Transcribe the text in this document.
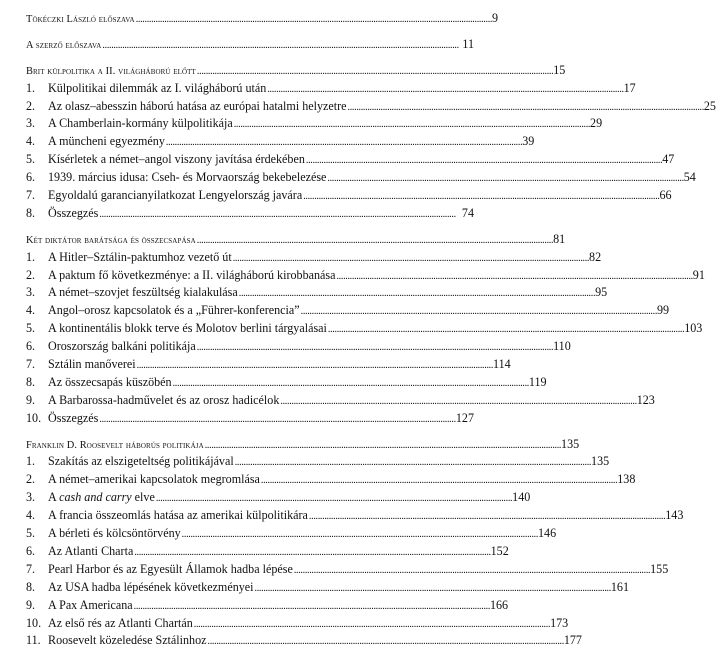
Tökéczki László előszava . . .	9
A szerző előszava . . .	11
Brit külpolitika a II. világháború előtt . . .	15
1.	Külpolitikai dilemmák az I. világháború után . . .	17
2.	Az olasz–abesszin háború hatása az európai hatalmi helyzetre . . .	25
3.	A Chamberlain-kormány külpolitikája . . .	29
4.	A müncheni egyezmény . . .	39
5.	Kísérletek a német–angol viszony javítása érdekében . . .	47
6.	1939. március idusa: Cseh- és Morvaország bekebelezése . . .	54
7.	Egyoldalú garancianyilatkozat Lengyelország javára . . .	66
8.	Összegzés . . .	74
Két diktátor barátsága és összecsapása . . .	81
1.	A Hitler–Sztálin-paktumhoz vezető út . . .	82
2.	A paktum fő következménye: a II. világháború kirobbanása . . .	91
3.	A német–szovjet feszültség kialakulása . . .	95
4.	Angol–orosz kapcsolatok és a „Führer-konferencia” . . .	99
5.	A kontinentális blokk terve és Molotov berlini tárgyalásai . . .	103
6.	Oroszország balkáni politikája . . .	110
7.	Sztálin manőverei . . .	114
8.	Az összecsapás küszöbén . . .	119
9.	A Barbarossa-hadművelet és az orosz hadicélok . . .	123
10. Összegzés . . .	127
Franklin D. Roosevelt háborús politikája . . .	135
1.	Szakítás az elszigeteltség politikájával . . .	135
2.	A német–amerikai kapcsolatok megromlása . . .	138
3.	A cash and carry elve . . .	140
4.	A francia összeomlás hatása az amerikai külpolitikára . . .	143
5.	A bérleti és kölcsöntörvény . . .	146
6.	Az Atlanti Charta . . .	152
7.	Pearl Harbor és az Egyesült Államok hadba lépése . . .	155
8.	Az USA hadba lépésének következményei . . .	161
9.	A Pax Americana . . .	166
10. Az első rés az Atlanti Chartán . . .	173
11. Roosevelt közeledése Sztálinhoz . . .	177
